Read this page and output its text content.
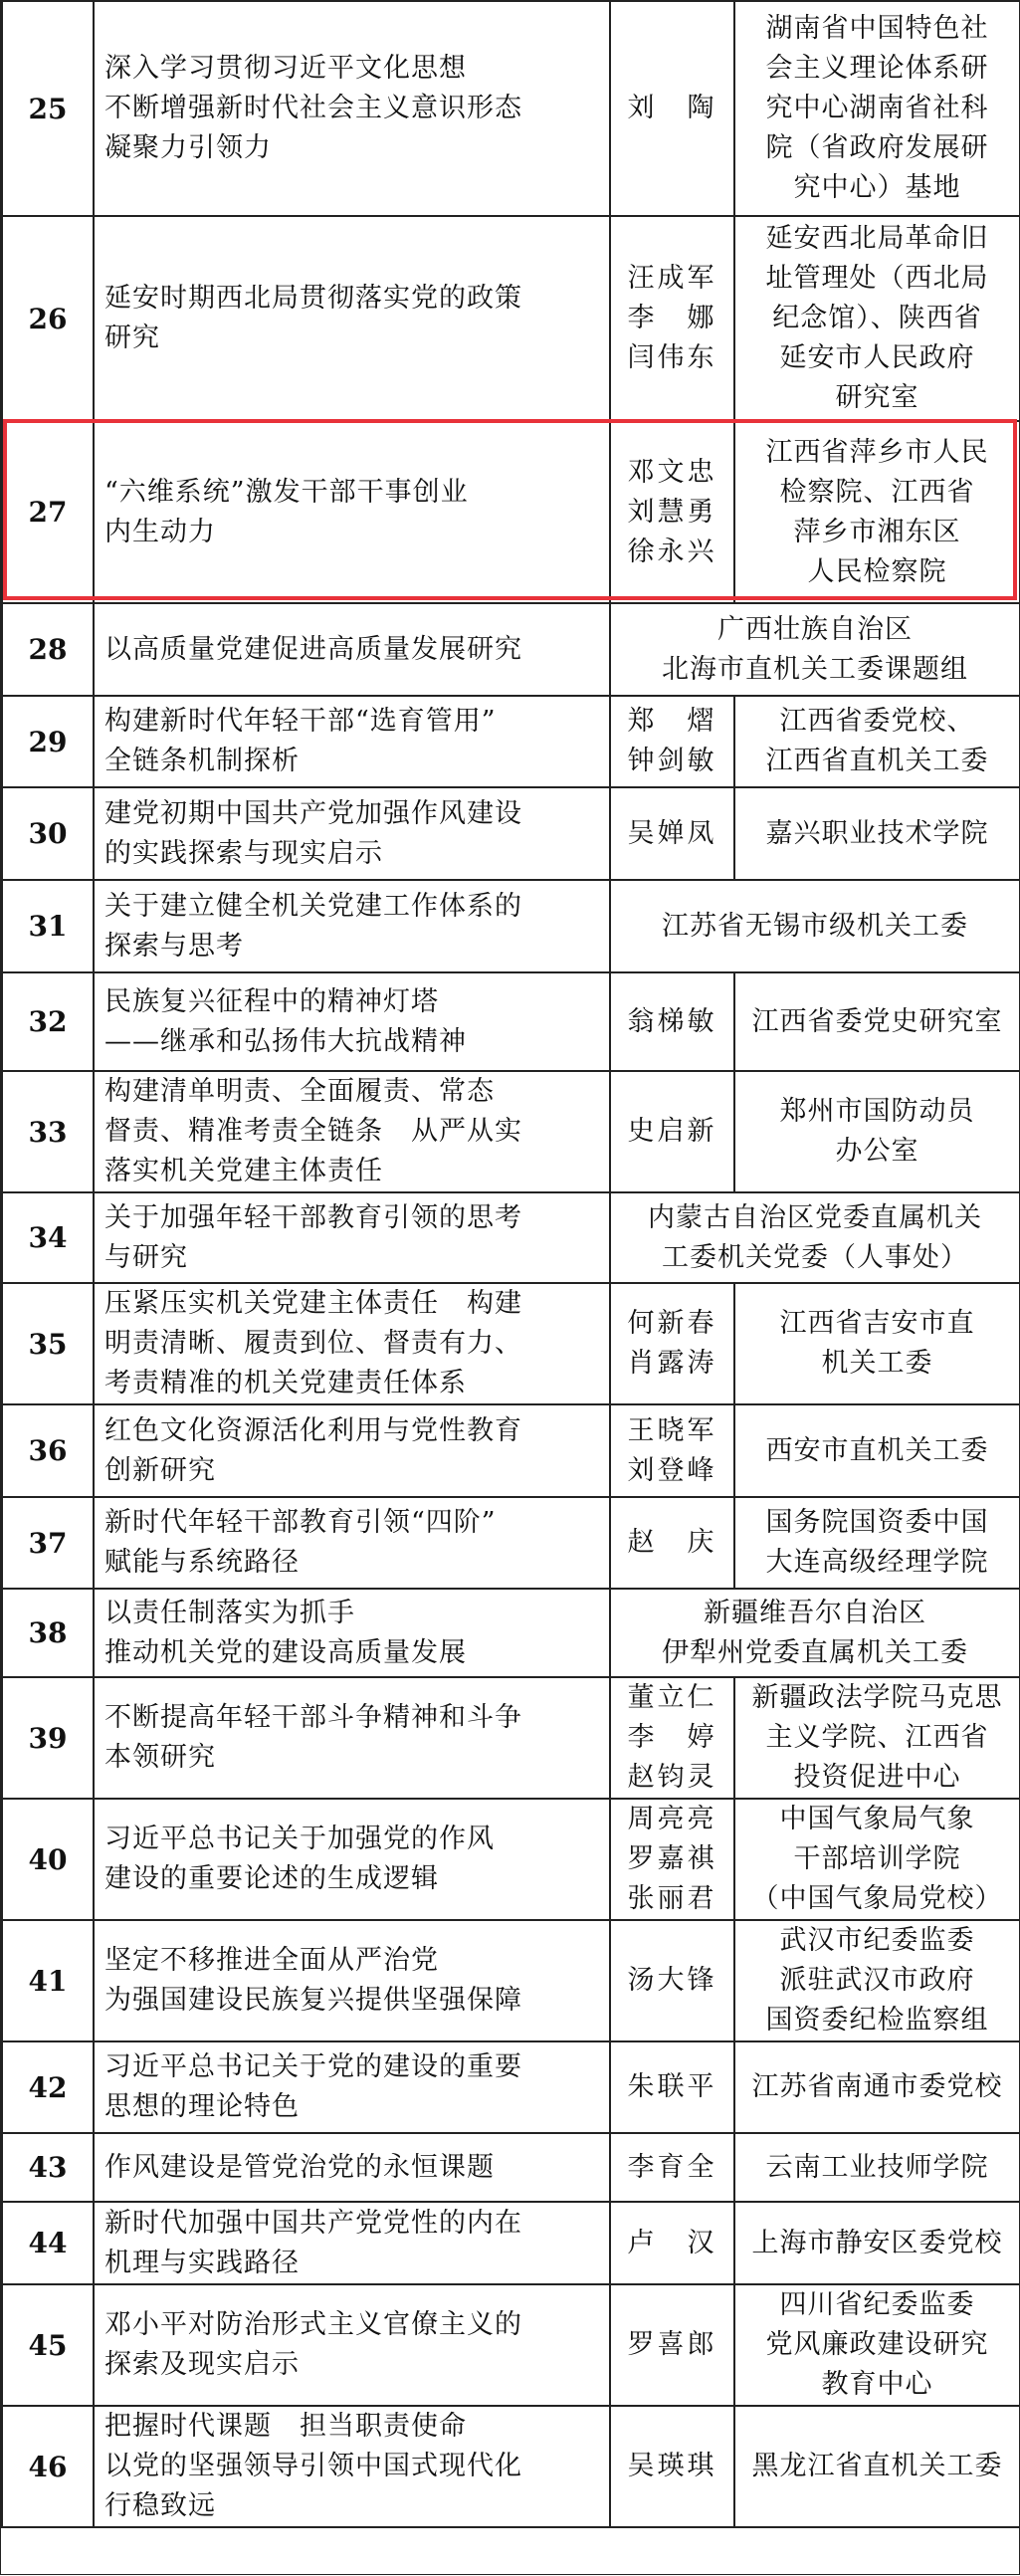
25	深入学习贯彻习近平文化思想
不断增强新时代社会主义意识形态
凝聚力引领力	刘　陶	湖南省中国特色社
会主义理论体系研
究中心湖南省社科
院（省政府发展研
究中心）基地

26	延安时期西北局贯彻落实党的政策
研究	汪成军
李　娜
闫伟东	延安西北局革命旧
址管理处（西北局
纪念馆）、陕西省
延安市人民政府
研究室

27	“六维系统”激发干部干事创业
内生动力	邓文忠
刘慧勇
徐永兴	江西省萍乡市人民
检察院、江西省
萍乡市湘东区
人民检察院

28	以高质量党建促进高质量发展研究	广西壮族自治区
北海市直机关工委课题组	

29	构建新时代年轻干部“选育管用”
全链条机制探析	郑　熠
钟剑敏	江西省委党校、
江西省直机关工委

30	建党初期中国共产党加强作风建设
的实践探索与现实启示	吴婵凤	嘉兴职业技术学院

31	关于建立健全机关党建工作体系的
探索与思考	江苏省无锡市级机关工委	

32	民族复兴征程中的精神灯塔
——继承和弘扬伟大抗战精神	翁梯敏	江西省委党史研究室

33	构建清单明责、全面履责、常态
督责、精准考责全链条　从严从实
落实机关党建主体责任	史启新	郑州市国防动员
办公室

34	关于加强年轻干部教育引领的思考
与研究	内蒙古自治区党委直属机关
工委机关党委（人事处）	

35	压紧压实机关党建主体责任　构建
明责清晰、履责到位、督责有力、
考责精准的机关党建责任体系	何新春
肖露涛	江西省吉安市直
机关工委

36	红色文化资源活化利用与党性教育
创新研究	王晓军
刘登峰	西安市直机关工委

37	新时代年轻干部教育引领“四阶”
赋能与系统路径	赵　庆	国务院国资委中国
大连高级经理学院

38	以责任制落实为抓手
推动机关党的建设高质量发展	新疆维吾尔自治区
伊犁州党委直属机关工委	

39	不断提高年轻干部斗争精神和斗争
本领研究	董立仁
李　婷
赵钧灵	新疆政法学院马克思
主义学院、江西省
投资促进中心

40	习近平总书记关于加强党的作风
建设的重要论述的生成逻辑	周亮亮
罗嘉祺
张丽君	中国气象局气象
干部培训学院
（中国气象局党校）

41	坚定不移推进全面从严治党
为强国建设民族复兴提供坚强保障	汤大锋	武汉市纪委监委
派驻武汉市政府
国资委纪检监察组

42	习近平总书记关于党的建设的重要
思想的理论特色	朱联平	江苏省南通市委党校

43	作风建设是管党治党的永恒课题	李育全	云南工业技师学院

44	新时代加强中国共产党党性的内在
机理与实践路径	卢　汉	上海市静安区委党校

45	邓小平对防治形式主义官僚主义的
探索及现实启示	罗喜郎	四川省纪委监委
党风廉政建设研究
教育中心

46	把握时代课题　担当职责使命
以党的坚强领导引领中国式现代化
行稳致远	吴瑛琪	黑龙江省直机关工委
